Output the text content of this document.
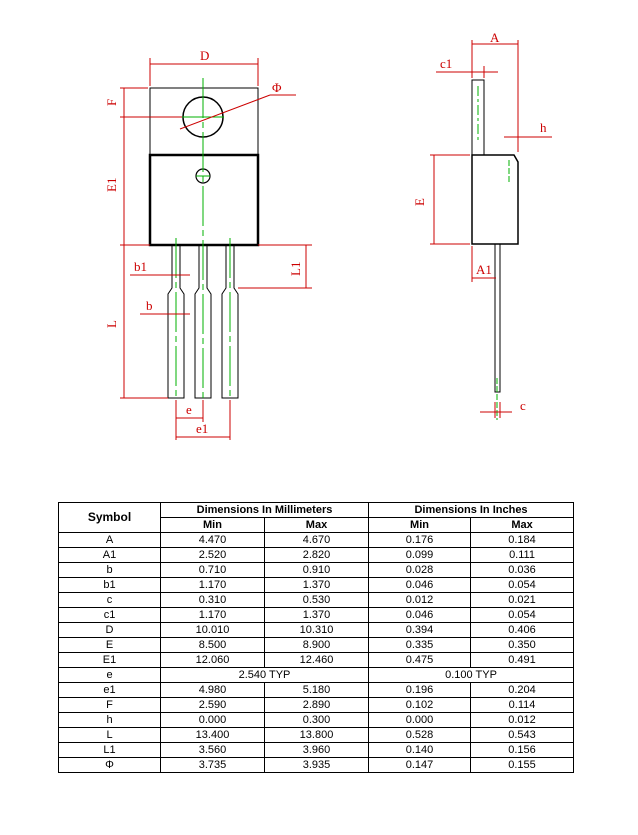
D
Φ
F
E1
b1
b
L
L1
e
e1
A
c1
h
E
A1
c
Symbol	Dimensions In Millimeters		Dimensions In Inches	
	Min	Max	Min	Max
A	4.470	4.670	0.176	0.184
A1	2.520	2.820	0.099	0.111
b	0.710	0.910	0.028	0.036
b1	1.170	1.370	0.046	0.054
c	0.310	0.530	0.012	0.021
c1	1.170	1.370	0.046	0.054
D	10.010	10.310	0.394	0.406
E	8.500	8.900	0.335	0.350
E1	12.060	12.460	0.475	0.491
e	2.540 TYP		0.100 TYP	
e1	4.980	5.180	0.196	0.204
F	2.590	2.890	0.102	0.114
h	0.000	0.300	0.000	0.012
L	13.400	13.800	0.528	0.543
L1	3.560	3.960	0.140	0.156
Φ	3.735	3.935	0.147	0.155
